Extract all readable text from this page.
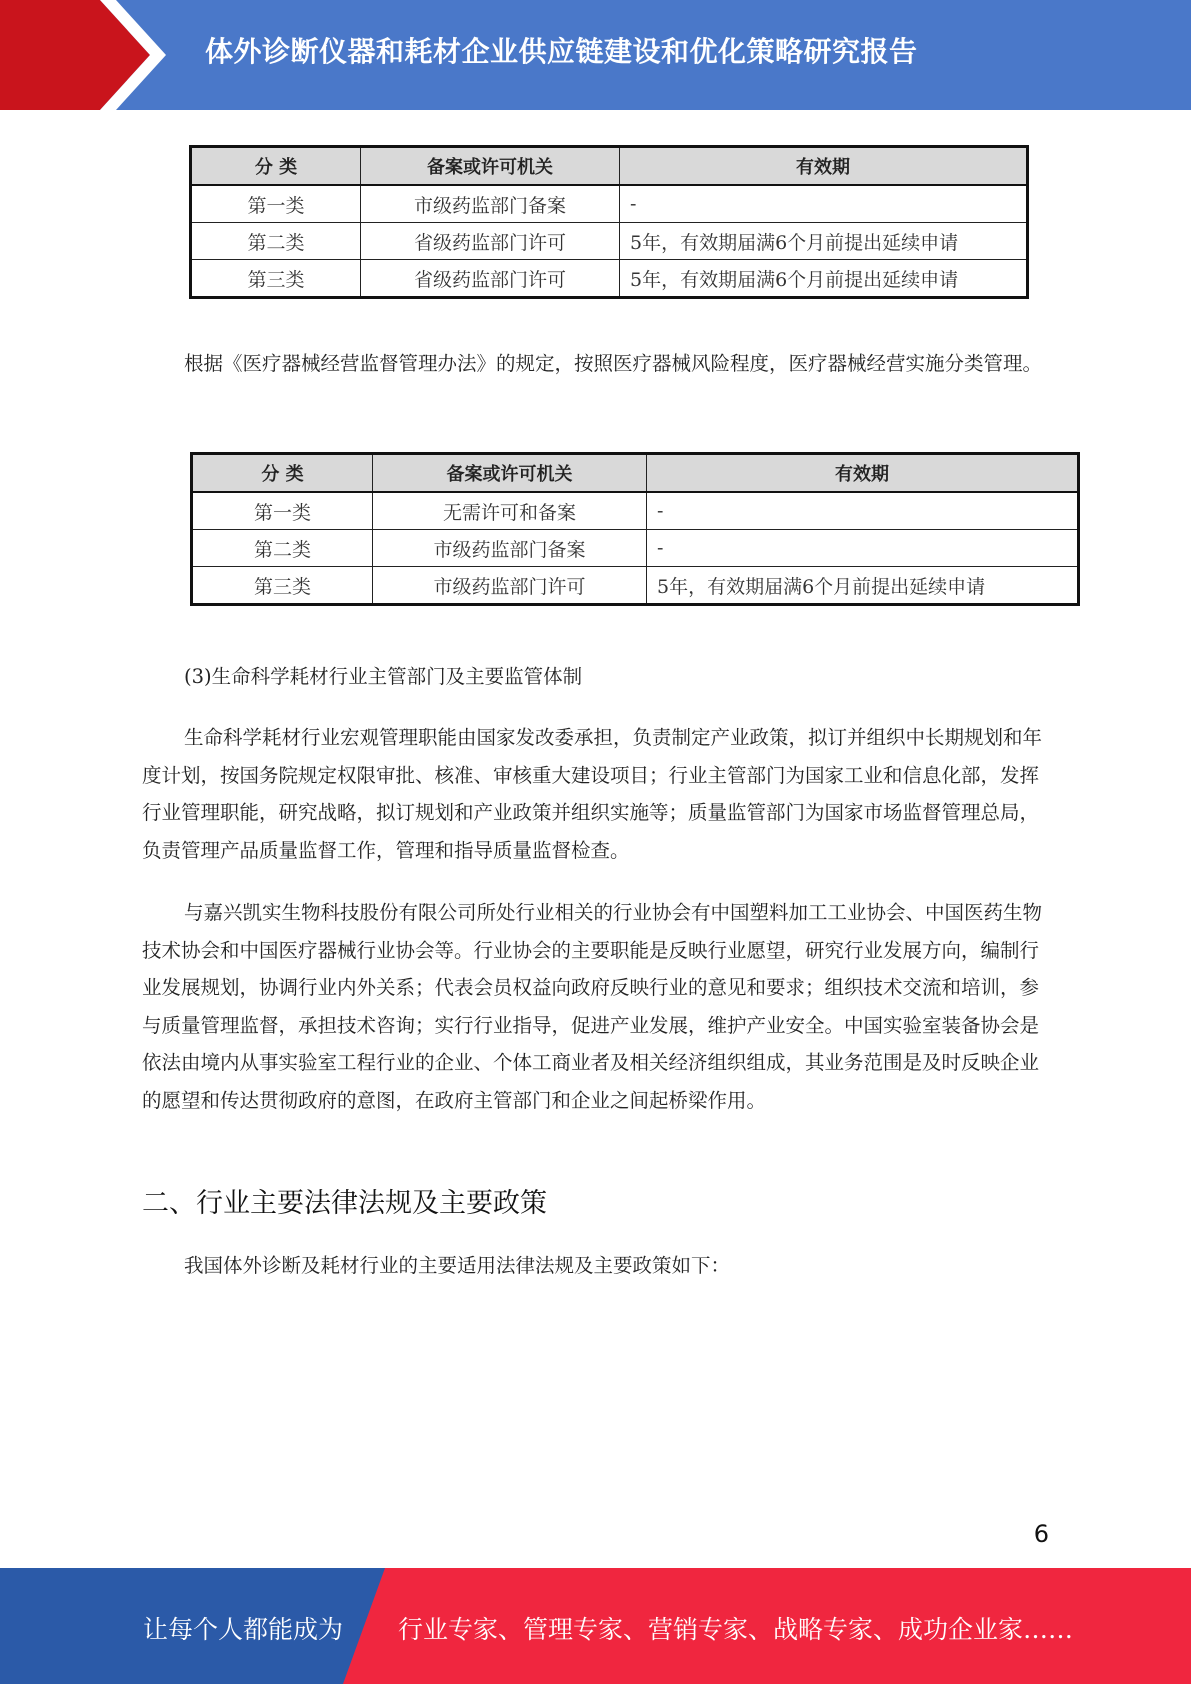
体外诊断仪器和耗材企业供应链建设和优化策略研究报告
分 类	备案或许可机关	有效期
第一类	市级药监部门备案	-
第二类	省级药监部门许可	5年，有效期届满6个月前提出延续申请
第三类	省级药监部门许可	5年，有效期届满6个月前提出延续申请

根据《医疗器械经营监督管理办法》的规定，按照医疗器械风险程度，医疗器械经营实施分类管理。

分 类	备案或许可机关	有效期
第一类	无需许可和备案	-
第二类	市级药监部门备案	-
第三类	市级药监部门许可	5年，有效期届满6个月前提出延续申请

(3)生命科学耗材行业主管部门及主要监管体制

生命科学耗材行业宏观管理职能由国家发改委承担，负责制定产业政策，拟订并组织中长期规划和年度计划，按国务院规定权限审批、核准、审核重大建设项目；行业主管部门为国家工业和信息化部，发挥行业管理职能，研究战略，拟订规划和产业政策并组织实施等；质量监管部门为国家市场监督管理总局，负责管理产品质量监督工作，管理和指导质量监督检查。

与嘉兴凯实生物科技股份有限公司所处行业相关的行业协会有中国塑料加工工业协会、中国医药生物技术协会和中国医疗器械行业协会等。行业协会的主要职能是反映行业愿望，研究行业发展方向，编制行业发展规划，协调行业内外关系；代表会员权益向政府反映行业的意见和要求；组织技术交流和培训，参与质量管理监督，承担技术咨询；实行行业指导，促进产业发展，维护产业安全。中国实验室装备协会是依法由境内从事实验室工程行业的企业、个体工商业者及相关经济组织组成，其业务范围是及时反映企业的愿望和传达贯彻政府的意图，在政府主管部门和企业之间起桥梁作用。

二、行业主要法律法规及主要政策

我国体外诊断及耗材行业的主要适用法律法规及主要政策如下：

6
让每个人都能成为 行业专家、管理专家、营销专家、战略专家、成功企业家……
